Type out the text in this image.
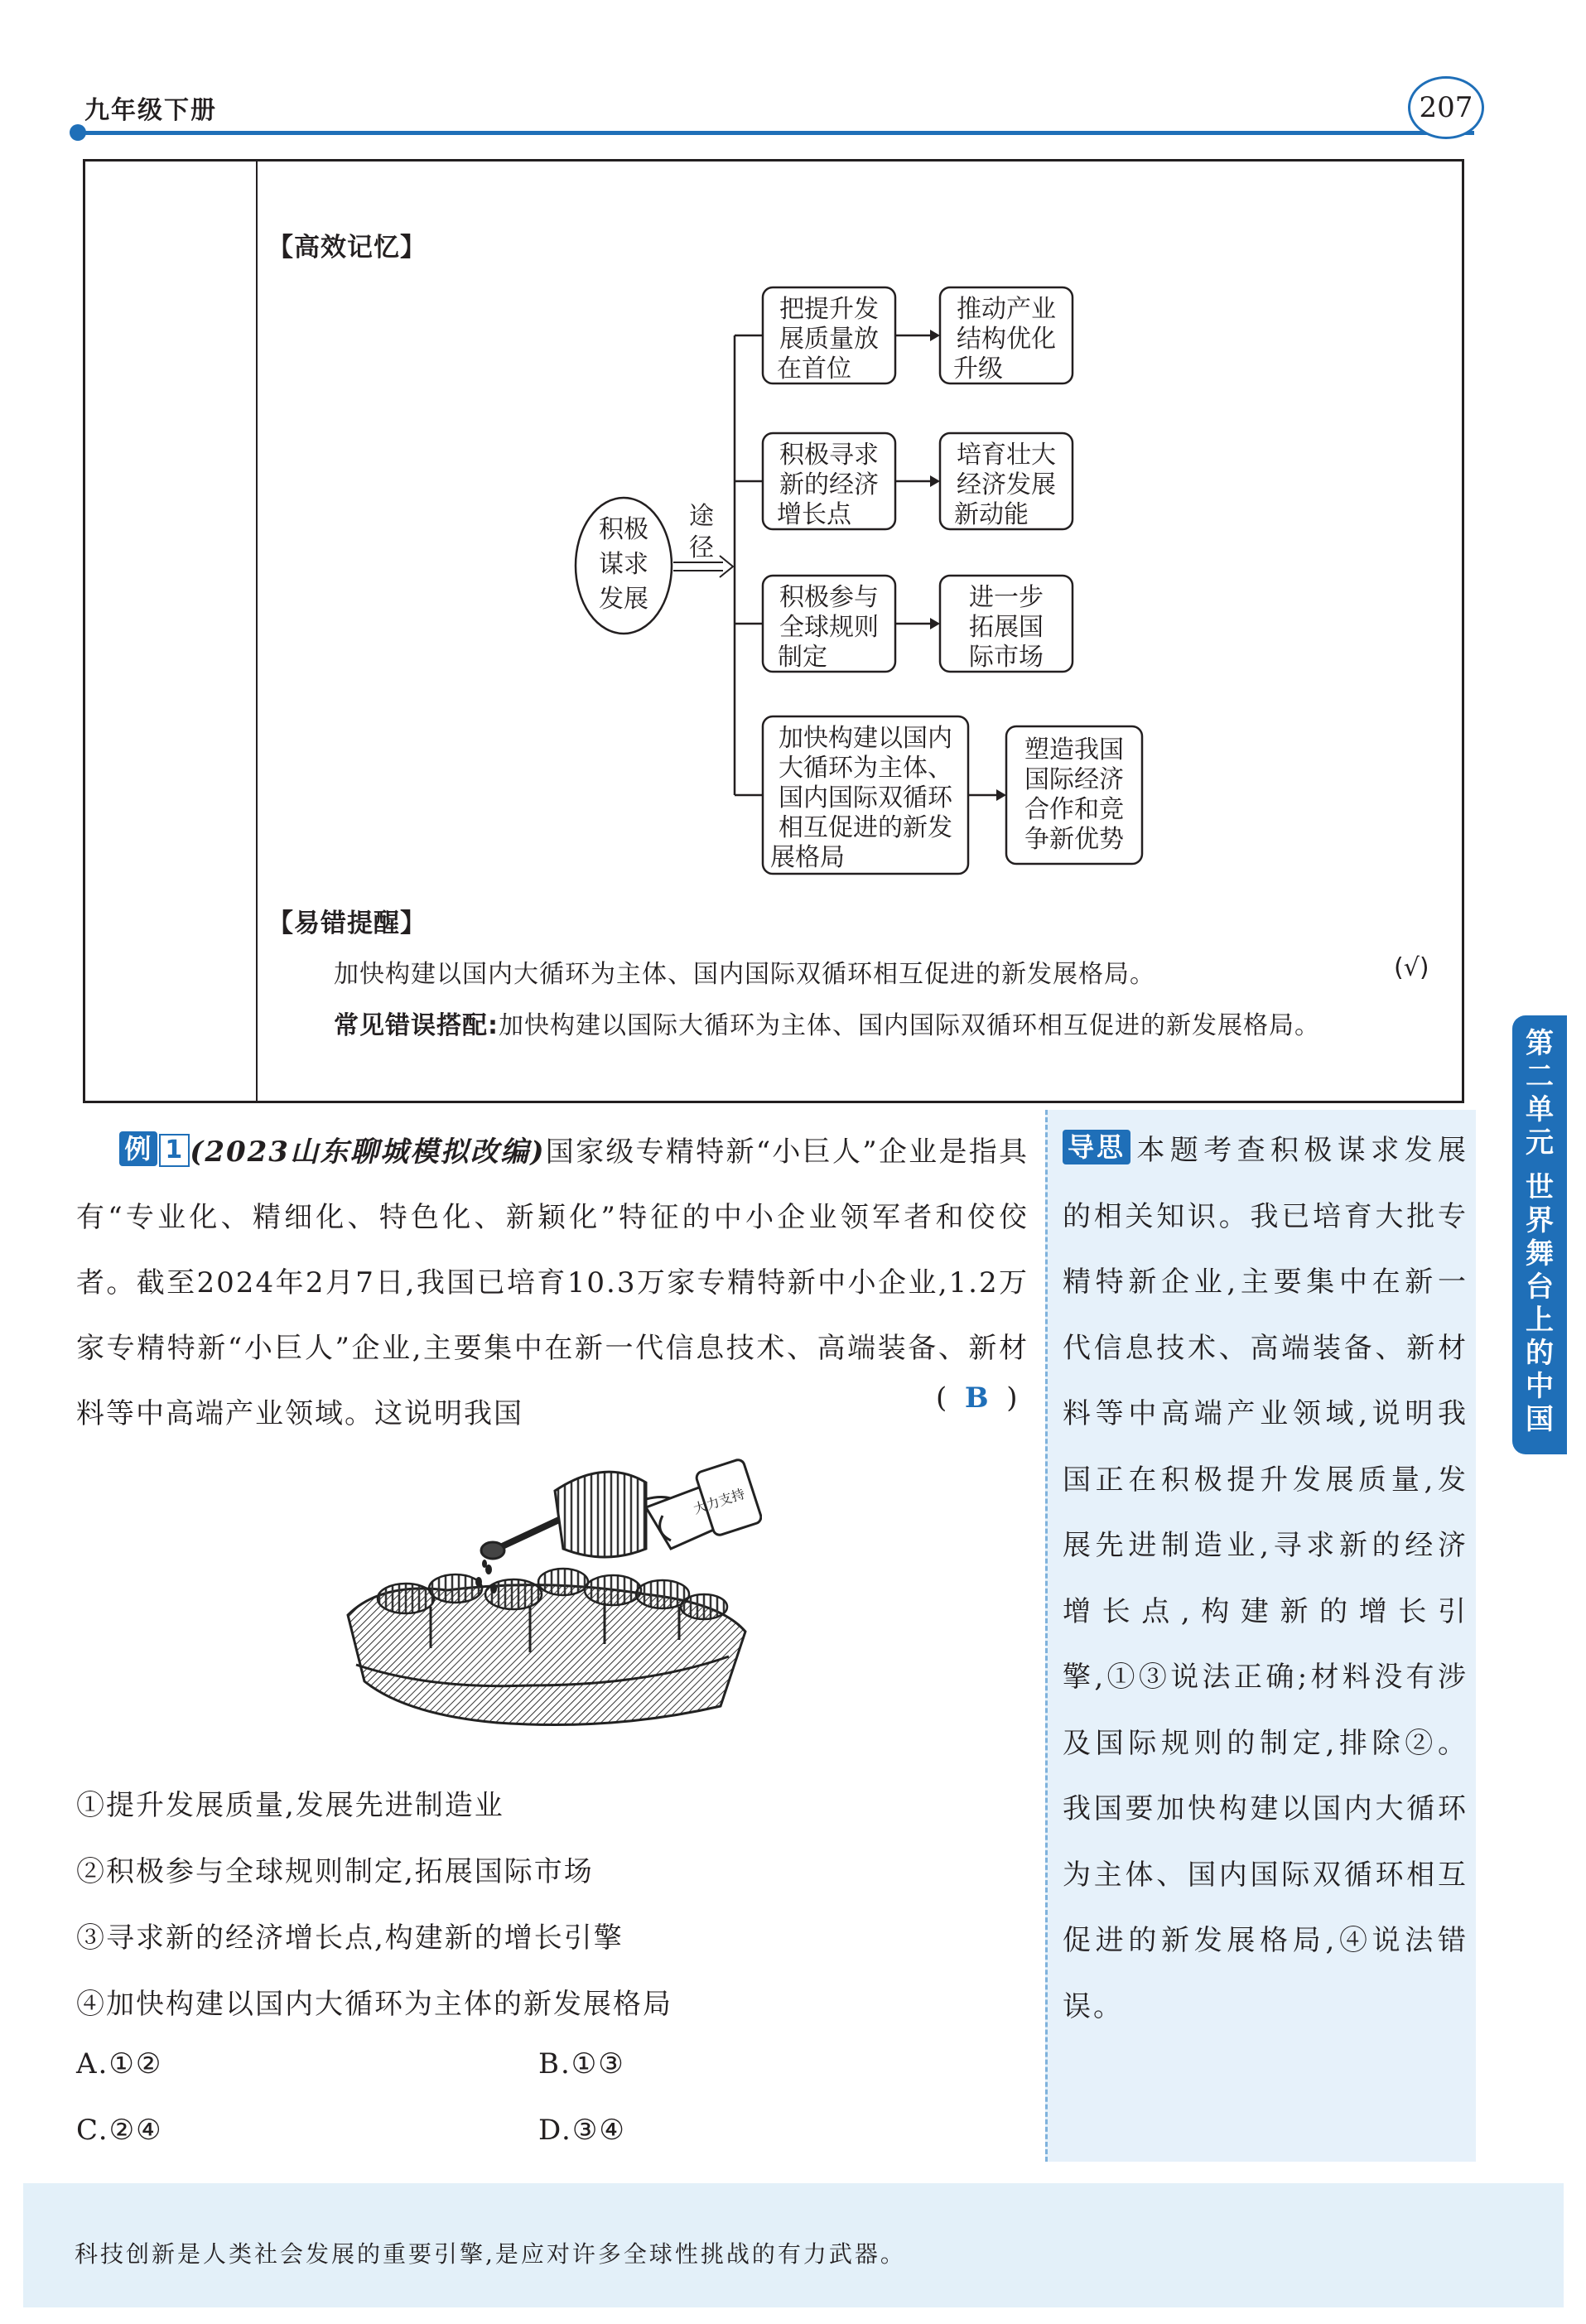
九年级下册	207
【高效记忆】
积极
谋求
发展
途
径
把提升发
展质量放
在首位
推动产业
结构优化
升级
积极寻求
新的经济
增长点
培育壮大
经济发展
新动能
积极参与
全球规则
制定
进一步
拓展国
际市场
加快构建以国内
大循环为主体、
国内国际双循环
相互促进的新发
展格局
塑造我国
国际经济
合作和竞
争新优势
【易错提醒】
加快构建以国内大循环为主体、国内国际双循环相互促进的新发展格局。	(√)
常见错误搭配:加快构建以国际大循环为主体、国内国际双循环相互促进的新发展格局。
第
二
单
元
世
界
舞
台
上
的
中
国
例 1 (2023山东聊城模拟改编)国家级专精特新“小巨人”企业是指具有“专业化、精细化、特色化、新颖化”特征的中小企业领军者和佼佼者。截至2024年2月7日,我国已培育10.3万家专精特新中小企业,1.2万家专精特新“小巨人”企业,主要集中在新一代信息技术、高端装备、新材料等中高端产业领域。这说明我国	( B )
大力支持
①提升发展质量,发展先进制造业
②积极参与全球规则制定,拓展国际市场
③寻求新的经济增长点,构建新的增长引擎
④加快构建以国内大循环为主体的新发展格局
A.①②	B.①③
C.②④	D.③④
导思 本题考查积极谋求发展的相关知识。我已培育大批专精特新企业,主要集中在新一代信息技术、高端装备、新材料等中高端产业领域,说明我国正在积极提升发展质量,发展先进制造业,寻求新的经济增长点,构建新的增长引擎,①③说法正确;材料没有涉及国际规则的制定,排除②。我国要加快构建以国内大循环为主体、国内国际双循环相互促进的新发展格局,④说法错误。
科技创新是人类社会发展的重要引擎,是应对许多全球性挑战的有力武器。
